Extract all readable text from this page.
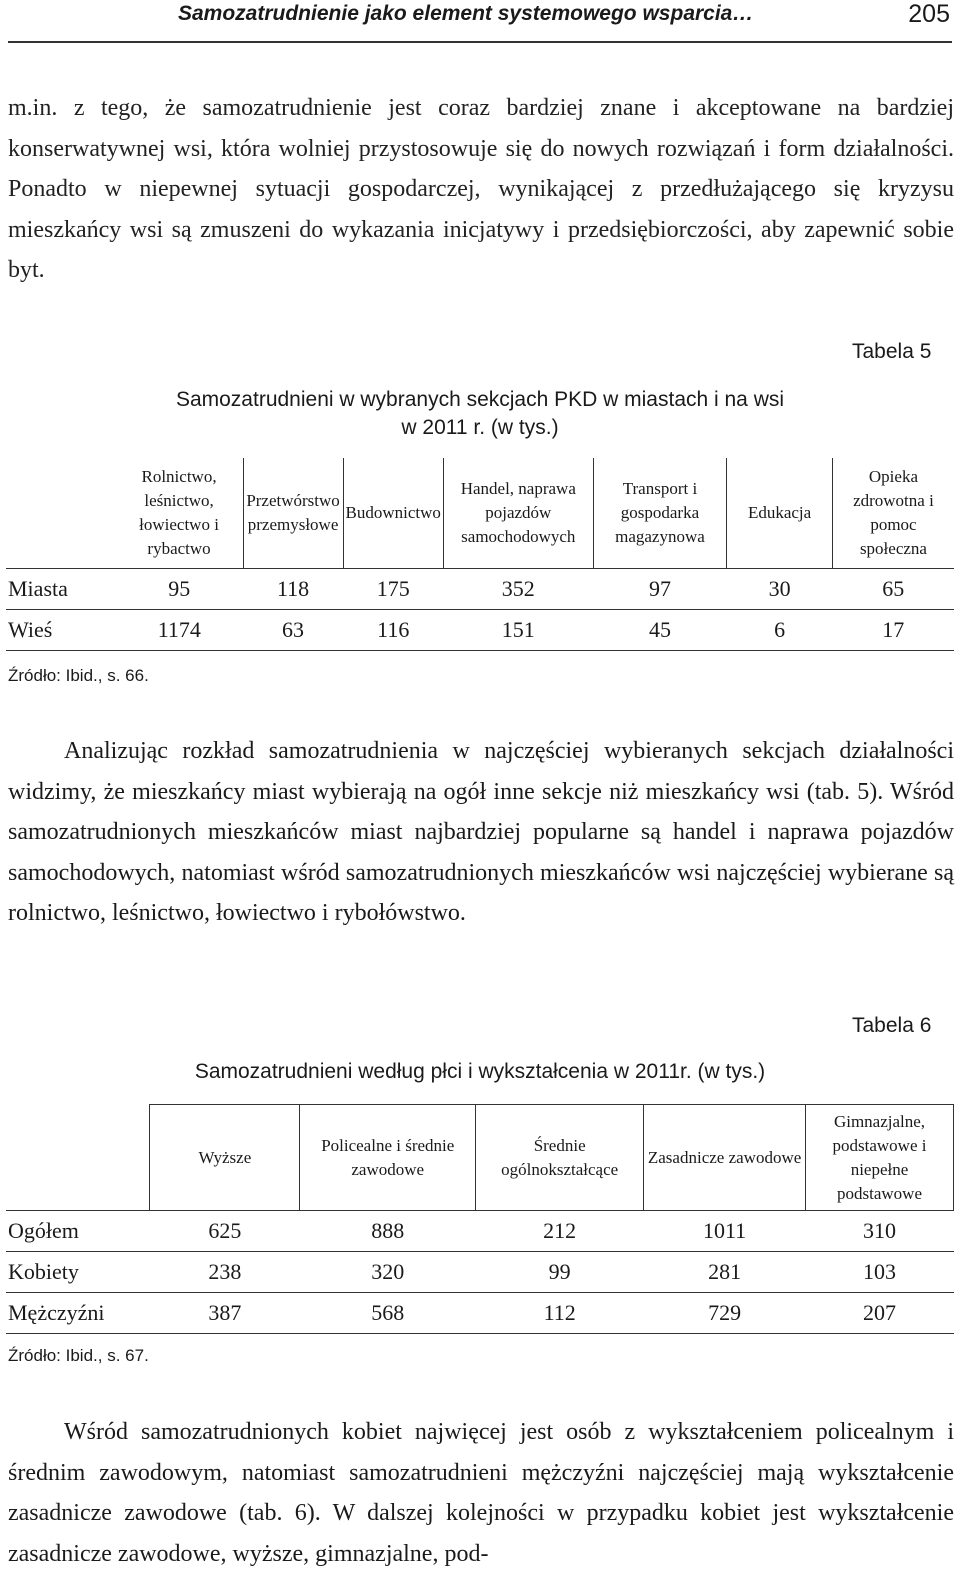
Samozatrudnienie jako element systemowego wsparcia…	205

m.in. z tego, że samozatrudnienie jest coraz bardziej znane i akceptowane na bardziej konserwatywnej wsi, która wolniej przystosowuje się do nowych rozwiązań i form działalności. Ponadto w niepewnej sytuacji gospodarczej, wynikającej z przedłużającego się kryzysu mieszkańcy wsi są zmuszeni do wykazania inicjatywy i przedsiębiorczości, aby zapewnić sobie byt.

Tabela 5
Samozatrudnieni w wybranych sekcjach PKD w miastach i na wsi
w 2011 r. (w tys.)
	Rolnictwo, leśnictwo, łowiectwo i rybactwo	Przetwórstwo przemysłowe	Budownictwo	Handel, naprawa pojazdów samochodowych	Transport i gospodarka magazynowa	Edukacja	Opieka zdrowotna i pomoc społeczna
Miasta	95	118	175	352	97	30	65
Wieś	1174	63	116	151	45	6	17
Źródło: Ibid., s. 66.

Analizując rozkład samozatrudnienia w najczęściej wybieranych sekcjach działalności widzimy, że mieszkańcy miast wybierają na ogół inne sekcje niż mieszkańcy wsi (tab. 5). Wśród samozatrudnionych mieszkańców miast najbardziej popularne są handel i naprawa pojazdów samochodowych, natomiast wśród samozatrudnionych mieszkańców wsi najczęściej wybierane są rolnictwo, leśnictwo, łowiectwo i rybołówstwo.

Tabela 6
Samozatrudnieni według płci i wykształcenia w 2011r. (w tys.)
	Wyższe	Policealne i średnie zawodowe	Średnie ogólnokształcące	Zasadnicze zawodowe	Gimnazjalne, podstawowe i niepełne podstawowe
Ogółem	625	888	212	1011	310
Kobiety	238	320	99	281	103
Mężczyźni	387	568	112	729	207
Źródło: Ibid., s. 67.

Wśród samozatrudnionych kobiet najwięcej jest osób z wykształceniem policealnym i średnim zawodowym, natomiast samozatrudnieni mężczyźni najczęściej mają wykształcenie zasadnicze zawodowe (tab. 6). W dalszej kolejności w przypadku kobiet jest wykształcenie zasadnicze zawodowe, wyższe, gimnazjalne, pod-
